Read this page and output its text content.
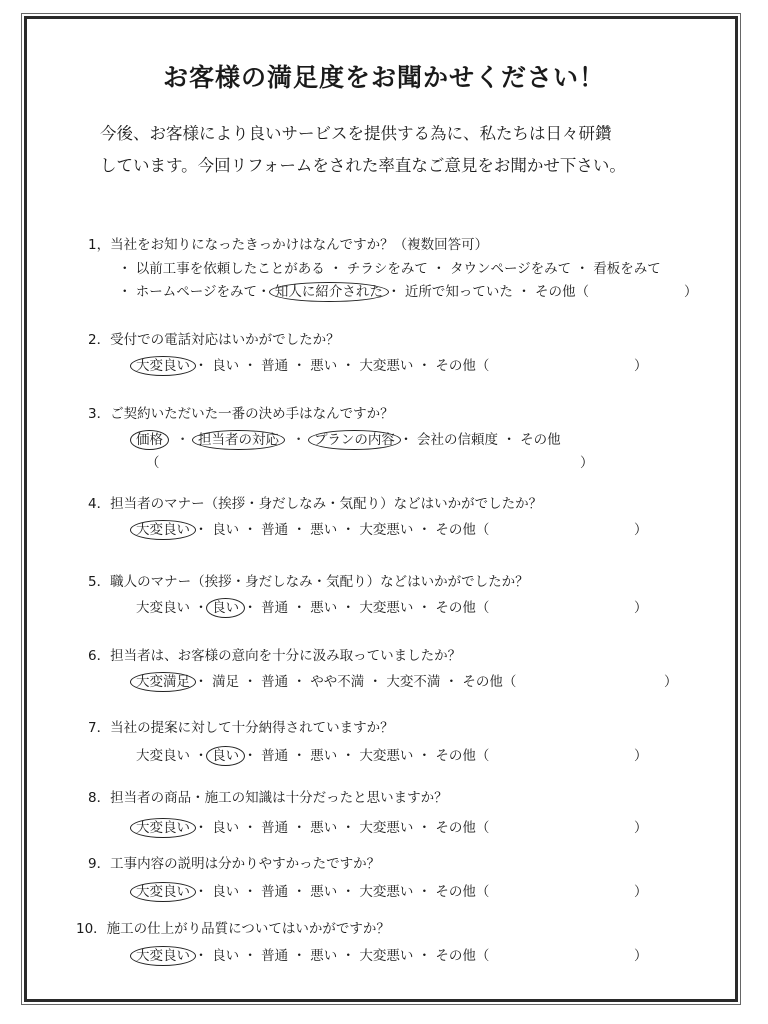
お客様の満足度をお聞かせください！
今後、お客様により良いサービスを提供する為に、私たちは日々研鑽
しています。今回リフォームをされた率直なご意見をお聞かせ下さい。
1，当社をお知りになったきっかけはなんですか？（複数回答可）
・ 以前工事を依頼したことがある ・ チラシをみて ・ タウンページをみて ・ 看板をみて
・ ホームページをみて・ 知人に紹介された ・ 近所で知っていた ・ その他（	）
2．受付での電話対応はいかがでしたか？
大変良い ・ 良い ・ 普通 ・ 悪い ・ 大変悪い ・ その他（	）
3．ご契約いただいた一番の決め手はなんですか？
価格   ・  担当者の対応   ・  プランの内容 ・ 会社の信頼度 ・ その他
（	）
4．担当者のマナー（挨拶・身だしなみ・気配り）などはいかがでしたか？
大変良い ・ 良い ・ 普通 ・ 悪い ・ 大変悪い ・ その他（	）
5．職人のマナー（挨拶・身だしなみ・気配り）などはいかがでしたか？
大変良い ・ 良い ・ 普通 ・ 悪い ・ 大変悪い ・ その他（	）
6．担当者は、お客様の意向を十分に汲み取っていましたか？
大変満足 ・ 満足 ・ 普通 ・ やや不満 ・ 大変不満 ・ その他（	）
7．当社の提案に対して十分納得されていますか？
大変良い ・ 良い ・ 普通 ・ 悪い ・ 大変悪い ・ その他（	）
8．担当者の商品・施工の知識は十分だったと思いますか？
大変良い ・ 良い ・ 普通 ・ 悪い ・ 大変悪い ・ その他（	）
9．工事内容の説明は分かりやすかったですか？
大変良い ・ 良い ・ 普通 ・ 悪い ・ 大変悪い ・ その他（	）
10．施工の仕上がり品質についてはいかがですか？
大変良い ・ 良い ・ 普通 ・ 悪い ・ 大変悪い ・ その他（	）
